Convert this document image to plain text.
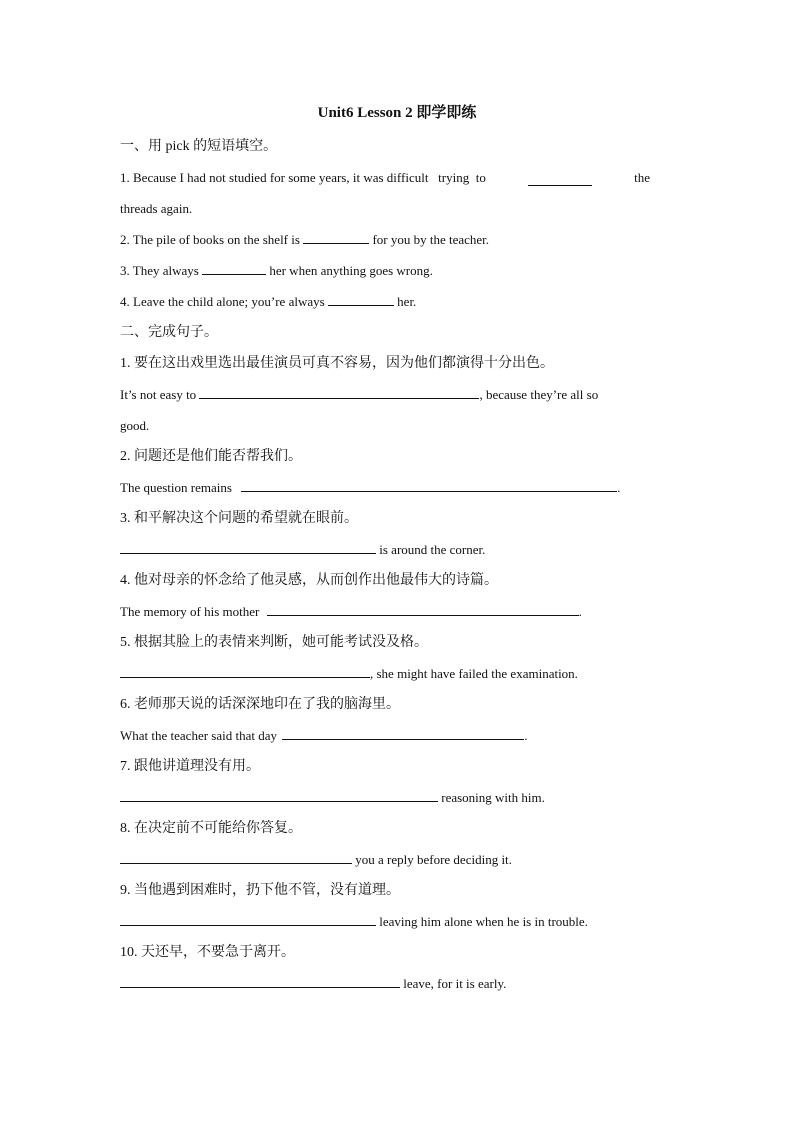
Unit6 Lesson 2 即学即练
一、用 pick 的短语填空。
1. Because I had not studied for some years, it was difficult   trying  to	the
threads again.
2. The pile of books on the shelf is	for you by the teacher.
3. They always	her when anything goes wrong.
4. Leave the child alone; you’re always	her.
二、完成句子。
1. 要在这出戏里选出最佳演员可真不容易，因为他们都演得十分出色。
It’s not easy to	, because they’re all so
good.
2. 问题还是他们能否帮我们。
The question remains	.
3. 和平解决这个问题的希望就在眼前。
is around the corner.
4. 他对母亲的怀念给了他灵感，从而创作出他最伟大的诗篇。
The memory of his mother	.
5. 根据其脸上的表情来判断，她可能考试没及格。
, she might have failed the examination.
6. 老师那天说的话深深地印在了我的脑海里。
What the teacher said that day	.
7. 跟他讲道理没有用。
reasoning with him.
8. 在决定前不可能给你答复。
you a reply before deciding it.
9. 当他遇到困难时，扔下他不管，没有道理。
leaving him alone when he is in trouble.
10. 天还早，不要急于离开。
leave, for it is early.
